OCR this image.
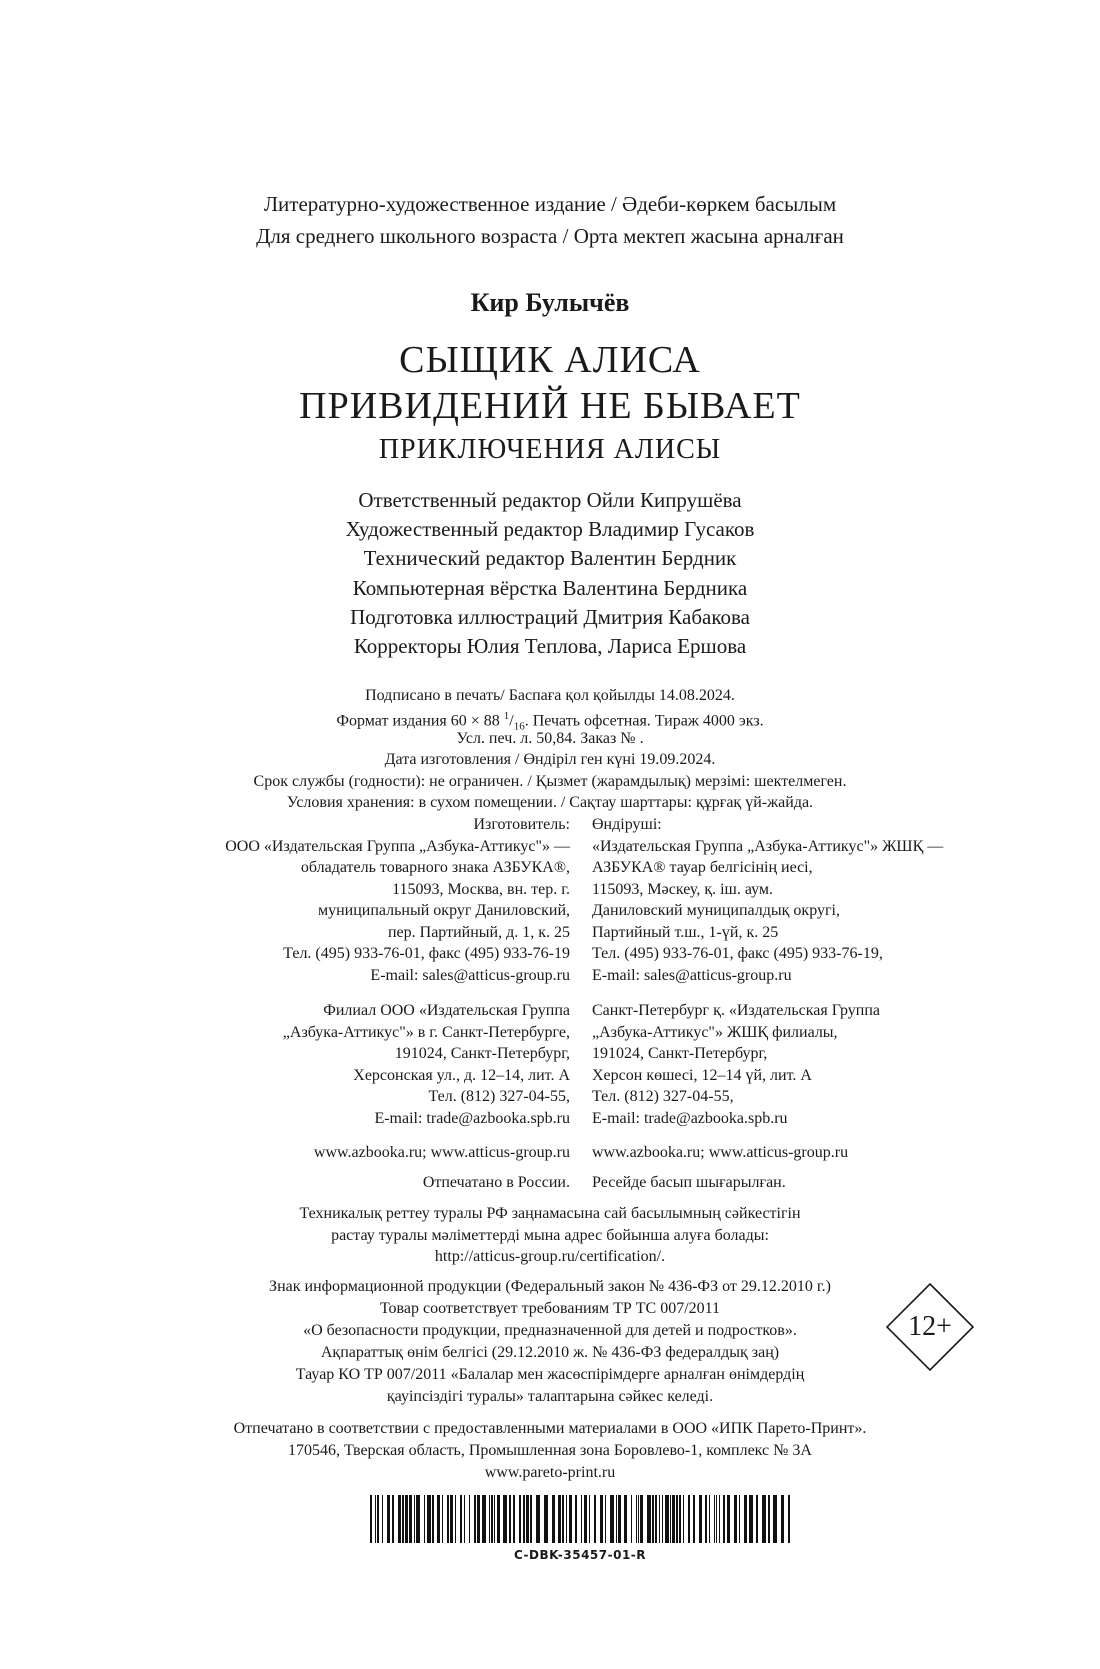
Литературно-художественное издание / Әдеби-көркем басылым
Для среднего школьного возраста / Орта мектеп жасына арналған
Кир Булычёв
СЫЩИК АЛИСА
ПРИВИДЕНИЙ НЕ БЫВАЕТ
ПРИКЛЮЧЕНИЯ АЛИСЫ
Ответственный редактор Ойли Кипрушёва
Художественный редактор Владимир Гусаков
Технический редактор Валентин Бердник
Компьютерная вёрстка Валентина Бердника
Подготовка иллюстраций Дмитрия Кабакова
Корректоры Юлия Теплова, Лариса Ершова
Подписано в печать/ Баспаға қол қойылды 14.08.2024.
Формат издания 60 × 88 $^1/_{16}$. Печать офсетная. Тираж 4000 экз.
Усл. печ. л. 50,84. Заказ № .
Дата изготовления / Өндіріл ген күні 19.09.2024.
Срок службы (годности): не ограничен. / Қызмет (жарамдылық) мерзімі: шектелмеген.
Условия хранения: в сухом помещении. / Сақтау шарттары: құрғақ үй-жайда.
Изготовитель:
ООО «Издательская Группа „Азбука-Аттикус"» —
обладатель товарного знака АЗБУКА®,
115093, Москва, вн. тер. г.
муниципальный округ Даниловский,
пер. Партийный, д. 1, к. 25
Тел. (495) 933-76-01, факс (495) 933-76-19
E-mail: sales@atticus-group.ru
Өндіруші:
«Издательская Группа „Азбука-Аттикус"» ЖШҚ —
АЗБУКА® тауар белгісінің иесі,
115093, Мәскеу, қ. іш. аум.
Даниловский муниципалдық округі,
Партийный т.ш., 1-үй, к. 25
Тел. (495) 933-76-01, факс (495) 933-76-19,
E-mail: sales@atticus-group.ru
Филиал ООО «Издательская Группа
„Азбука-Аттикус"» в г. Санкт-Петербурге,
191024, Санкт-Петербург,
Херсонская ул., д. 12–14, лит. А
Тел. (812) 327-04-55,
E-mail: trade@azbooka.spb.ru
Санкт-Петербург қ. «Издательская Группа
„Азбука-Аттикус"» ЖШҚ филиалы,
191024, Санкт-Петербург,
Херсон көшесі, 12–14 үй, лит. А
Тел. (812) 327-04-55,
E-mail: trade@azbooka.spb.ru
www.azbooka.ru; www.atticus-group.ru www.azbooka.ru; www.atticus-group.ru
Отпечатано в России. Ресейде басып шығарылған.
Техникалық реттеу туралы РФ заңнамасына сай басылымның сәйкестігін
растау туралы мәліметтерді мына адрес бойынша алуға болады:
http://atticus-group.ru/certification/.
Знак информационной продукции (Федеральный закон № 436-ФЗ от 29.12.2010 г.)
Товар соответствует требованиям ТР ТС 007/2011
«О безопасности продукции, предназначенной для детей и подростков».
Ақпараттық өнім белгісі (29.12.2010 ж. № 436-ФЗ федералдық заң)
Тауар КО ТР 007/2011 «Балалар мен жасөспірімдерге арналған өнімдердің
қауіпсіздігі туралы» талаптарына сәйкес келеді.
12+
Отпечатано в соответствии с предоставленными материалами в ООО «ИПК Парето-Принт».
170546, Тверская область, Промышленная зона Боровлево-1, комплекс № 3А
www.pareto-print.ru
C-DBK-35457-01-R
